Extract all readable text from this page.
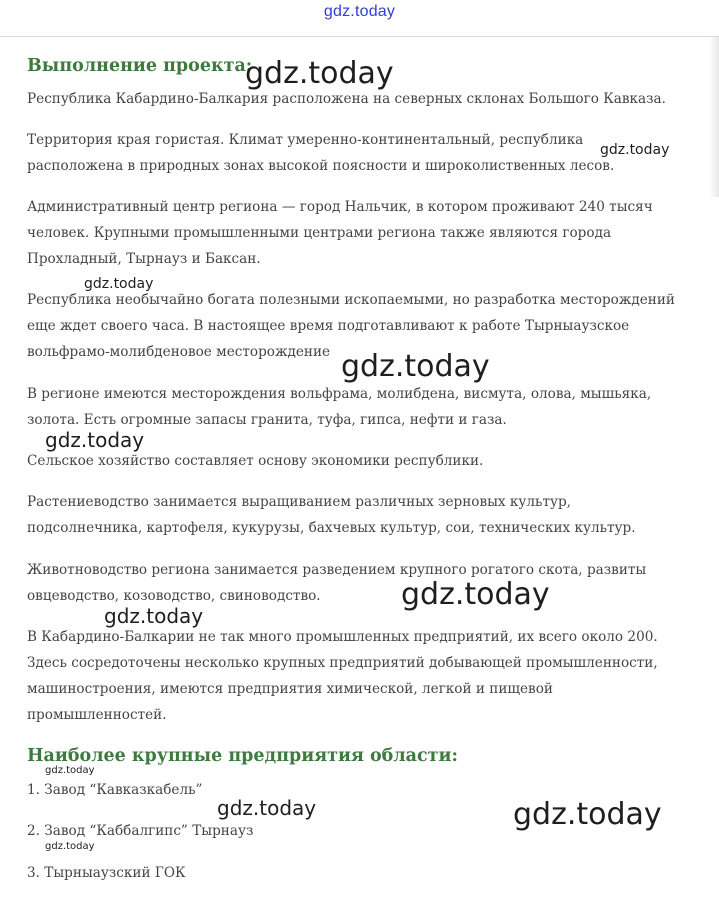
gdz.today
Выполнение проекта:
Республика Кабардино-Балкария расположена на северных склонах Большого Кавказа.
Территория края гористая. Климат умеренно-континентальный, республика
расположена в природных зонах высокой поясности и широколиственных лесов.
Административный центр региона — город Нальчик, в котором проживают 240 тысяч
человек. Крупными промышленными центрами региона также являются города
Прохладный, Тырнауз и Баксан.
Республика необычайно богата полезными ископаемыми, но разработка месторождений
еще ждет своего часа. В настоящее время подготавливают к работе Тырныаузское
вольфрамо-молибденовое месторождение
В регионе имеются месторождения вольфрама, молибдена, висмута, олова, мышьяка,
золота. Есть огромные запасы гранита, туфа, гипса, нефти и газа.
Сельское хозяйство составляет основу экономики республики.
Растениеводство занимается выращиванием различных зерновых культур,
подсолнечника, картофеля, кукурузы, бахчевых культур, сои, технических культур.
Животноводство региона занимается разведением крупного рогатого скота, развиты
овцеводство, козоводство, свиноводство.
В Кабардино-Балкарии не так много промышленных предприятий, их всего около 200.
Здесь сосредоточены несколько крупных предприятий добывающей промышленности,
машиностроения, имеются предприятия химической, легкой и пищевой
промышленностей.
Наиболее крупные предприятия области:
1. Завод “Кавказкабель”
2. Завод “Каббалгипс” Тырнауз
3. Тырныаузский ГОК
gdz.today
gdz.today
gdz.today
gdz.today
gdz.today
gdz.today
gdz.today
gdz.today
gdz.today	gdz.today
gdz.today
